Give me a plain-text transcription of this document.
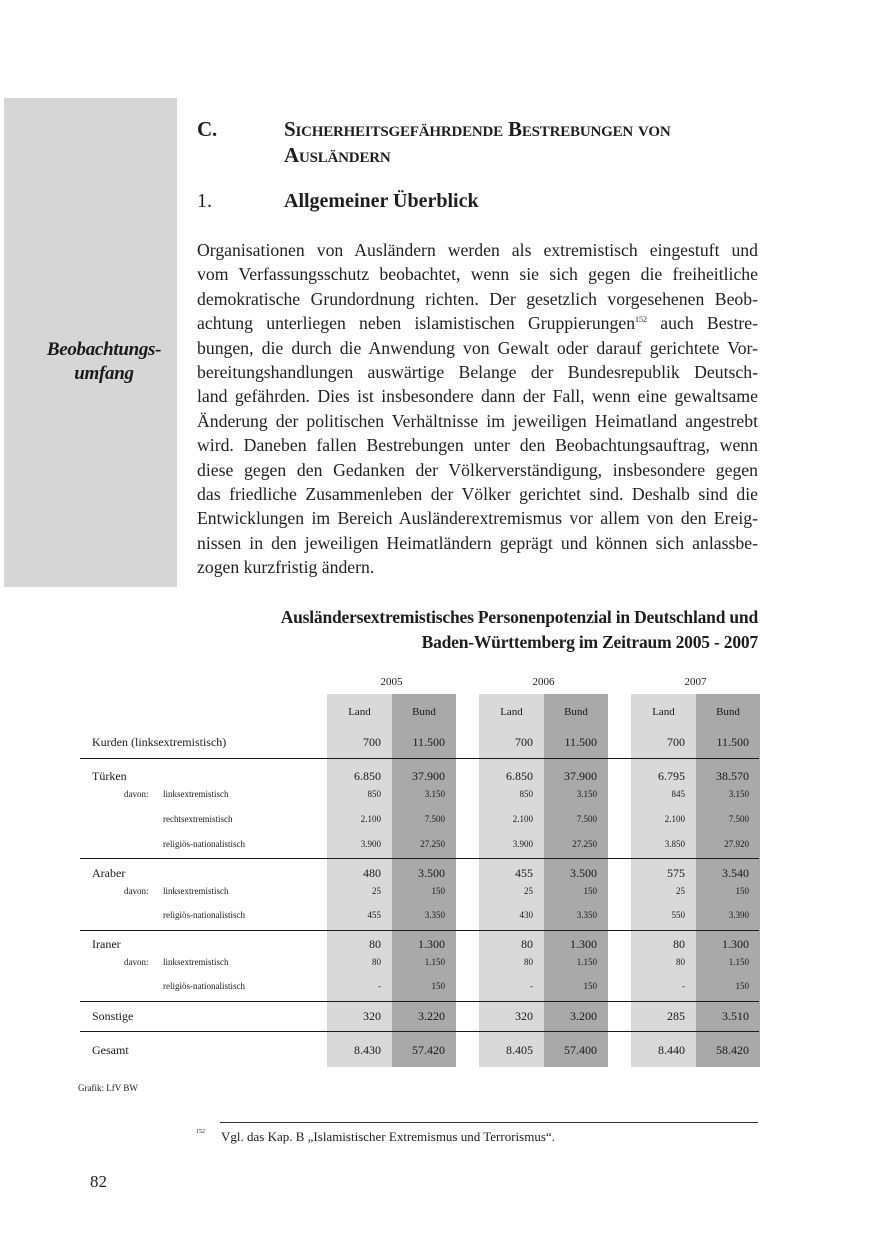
Beobachtungs-
umfang
C.	Sicherheitsgefährdende Bestrebungen von
Ausländern
1.	Allgemeiner Überblick
Organisationen von Ausländern werden als extremistisch eingestuft und
vom Verfassungsschutz beobachtet, wenn sie sich gegen die freiheitliche
demokratische Grundordnung richten. Der gesetzlich vorgesehenen Beob-
achtung unterliegen neben islamistischen Gruppierungen$^{152}$ auch Bestre-
bungen, die durch die Anwendung von Gewalt oder darauf gerichtete Vor-
bereitungshandlungen auswärtige Belange der Bundesrepublik Deutsch-
land gefährden. Dies ist insbesondere dann der Fall, wenn eine gewaltsame
Änderung der politischen Verhältnisse im jeweiligen Heimatland angestrebt
wird. Daneben fallen Bestrebungen unter den Beobachtungsauftrag, wenn
diese gegen den Gedanken der Völkerverständigung, insbesondere gegen
das friedliche Zusammenleben der Völker gerichtet sind. Deshalb sind die
Entwicklungen im Bereich Ausländerextremismus vor allem von den Ereig-
nissen in den jeweiligen Heimatländern geprägt und können sich anlassbe-
zogen kurzfristig ändern.
Ausländersextremistisches Personenpotenzial in Deutschland und
Baden-Württemberg im Zeitraum 2005 - 2007
2005	2006	2007
Land	Bund	Land	Bund	Land	Bund
Kurden (linksextremistisch)	700	11.500	700	11.500	700	11.500
Türken	6.850	37.900	6.850	37.900	6.795	38.570
davon: linksextremistisch	850	3.150	850	3.150	845	3.150
rechtsextremistisch	2.100	7.500	2.100	7.500	2.100	7.500
religiös-nationalistisch	3.900	27.250	3.900	27.250	3.850	27.920
Araber	480	3.500	455	3.500	575	3.540
davon: linksextremistisch	25	150	25	150	25	150
religiös-nationalistisch	455	3.350	430	3.350	550	3.390
Iraner	80	1.300	80	1.300	80	1.300
davon: linksextremistisch	80	1.150	80	1.150	80	1.150
religiös-nationalistisch	-	150	-	150	-	150
Sonstige	320	3.220	320	3.200	285	3.510
Gesamt	8.430	57.420	8.405	57.400	8.440	58.420
Grafik: LfV BW
152 Vgl. das Kap. B „Islamistischer Extremismus und Terrorismus“.
82
